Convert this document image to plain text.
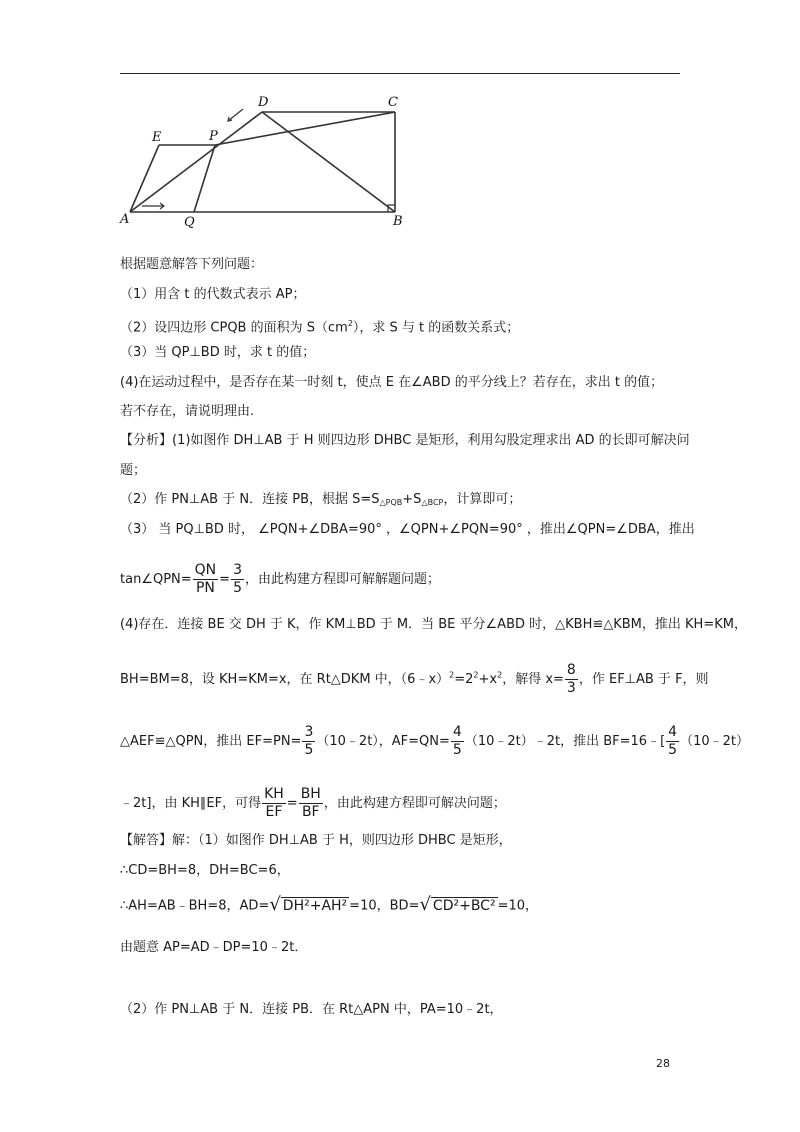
D	C
E	P
A	Q	B
根据题意解答下列问题：
（1）用含 t 的代数式表示 AP；
（2）设四边形 CPQB 的面积为 $S(cm^2)$，求 S 与 t 的函数关系式；
（3）当 QP⊥BD 时，求 t 的值；
(4)在运动过程中，是否存在某一时刻 t，使点 E 在∠ABD 的平分线上？若存在，求出 t 的值；
若不存在，请说明理由.
【分析】(1)如图作 DH⊥AB 于 H 则四边形 DHBC 是矩形，利用勾股定理求出 AD 的长即可解决问
题；
（2）作 PN⊥AB 于 N．连接 PB，根据 $S=S_{\triangle PQB}+S_{\triangle BCP}$，计算即可；
（3） 当 PQ⊥BD 时， ∠PQN+∠DBA=90° ，∠QPN+∠PQN=90° ，推出∠QPN=∠DBA，推出
tan∠QPN= $\frac{QN}{PN} = \frac{3}{5}$ ，由此构建方程即可解解题问题；
(4)存在．连接 BE 交 DH 于 K，作 KM⊥BD 于 M．当 BE 平分∠ABD 时，△KBH≌△KBM，推出 KH=KM，
BH=BM=8，设 KH=KM=x，在 Rt△DKM 中，$(6﹣x)^2=2^2+x^2$，解得 $x= \frac{8}{3}$ ，作 EF⊥AB 于 F，则
△AEF≌△QPN，推出 $EF=PN= \frac{3}{5}$ （10﹣2t），$AF=QN= \frac{4}{5}$ （10﹣2t）﹣2t，推出 BF=16﹣[ $\frac{4}{5}$ （10﹣2t）
﹣2t]，由 KH∥EF，可得 $\frac{KH}{EF} = \frac{BH}{BF}$ ，由此构建方程即可解决问题；
【解答】解：（1）如图作 DH⊥AB 于 H，则四边形 DHBC 是矩形，
∴CD=BH=8，DH=BC=6，
∴AH=AB﹣BH=8，AD=√ DH²+AH² =10，BD=√ CD²+BC² =10，
由题意 AP=AD﹣DP=10﹣2t．
（2）作 PN⊥AB 于 N．连接 PB．在 Rt△APN 中，PA=10﹣2t，
28
